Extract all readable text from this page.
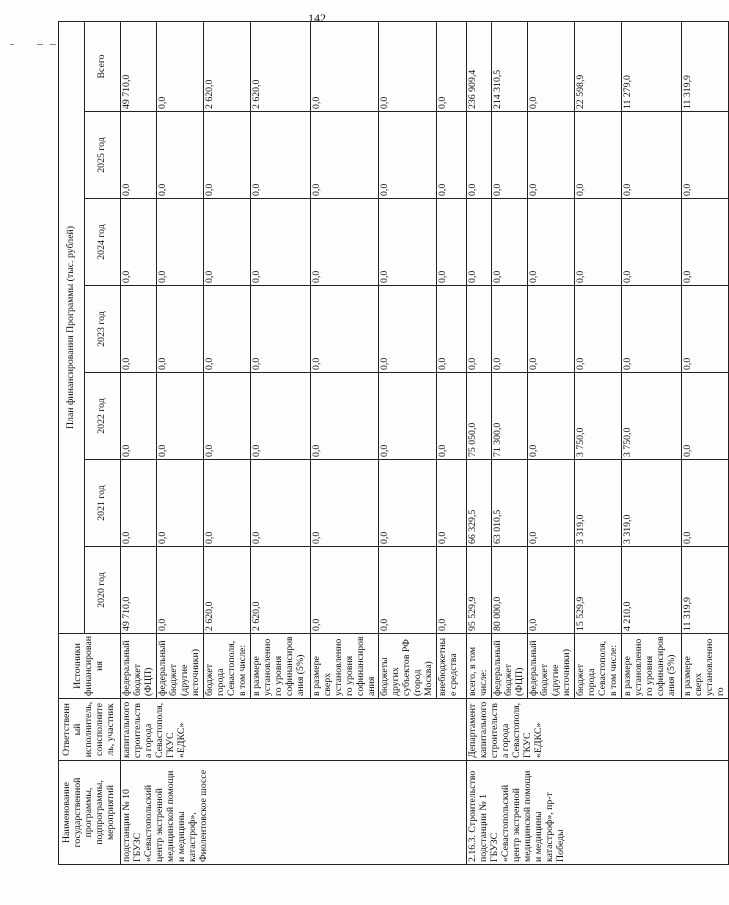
142
Наименование государственной программы, подпрограммы, мероприятий	Ответственный исполнитель, соисполнитель, участник	Источники финансирования	План финансирования Программы (тыс. рублей)						
			2020 год	2021 год	2022 год	2023 год	2024 год	2025 год	Всего
подстанции № 10 ГБУЗС «Севастопольский центр экстренной медицинской помощи и медицины катастроф», Фиолентовское шоссе	капитального строительства города Севастополя, ГКУС «ЕДКС»	федеральный бюджет (ФЦП)	49 710,0	0,0	0,0	0,0	0,0	0,0	49 710,0
		федеральный бюджет (другие источники)	0,0	0,0	0,0	0,0	0,0	0,0	0,0
		бюджет города Севастополя, в том числе:	2 620,0	0,0	0,0	0,0	0,0	0,0	2 620,0
		в размере установленного уровня софинансирования (5%)	2 620,0	0,0	0,0	0,0	0,0	0,0	2 620,0
		в размере сверх установленного уровня софинансирования	0,0	0,0	0,0	0,0	0,0	0,0	0,0
		бюджеты других субъектов РФ (город Москва)	0,0	0,0	0,0	0,0	0,0	0,0	0,0
		внебюджетные средства	0,0	0,0	0,0	0,0	0,0	0,0	0,0
2.16.3. Строительство подстанции № 1 ГБУЗС «Севастопольский центр экстренной медицинской помощи и медицины катастроф», пр-т Победы	Департамент капитального строительства города Севастополя, ГКУС «ЕДКС»	всего, в том числе:	95 529,9	66 329,5	75 050,0	0,0	0,0	0,0	236 909,4
		федеральный бюджет (ФЦП)	80 000,0	63 010,5	71 300,0	0,0	0,0	0,0	214 310,5
		федеральный бюджет (другие источники)	0,0	0,0	0,0	0,0	0,0	0,0	0,0
		бюджет города Севастополя, в том числе:	15 529,9	3 319,0	3 750,0	0,0	0,0	0,0	22 598,9
		в размере установленного уровня софинансирования (5%)	4 210,0	3 319,0	3 750,0	0,0	0,0	0,0	11 279,0
		в размере сверх установленного	11 319,9	0,0	0,0	0,0	0,0	0,0	11 319,9
